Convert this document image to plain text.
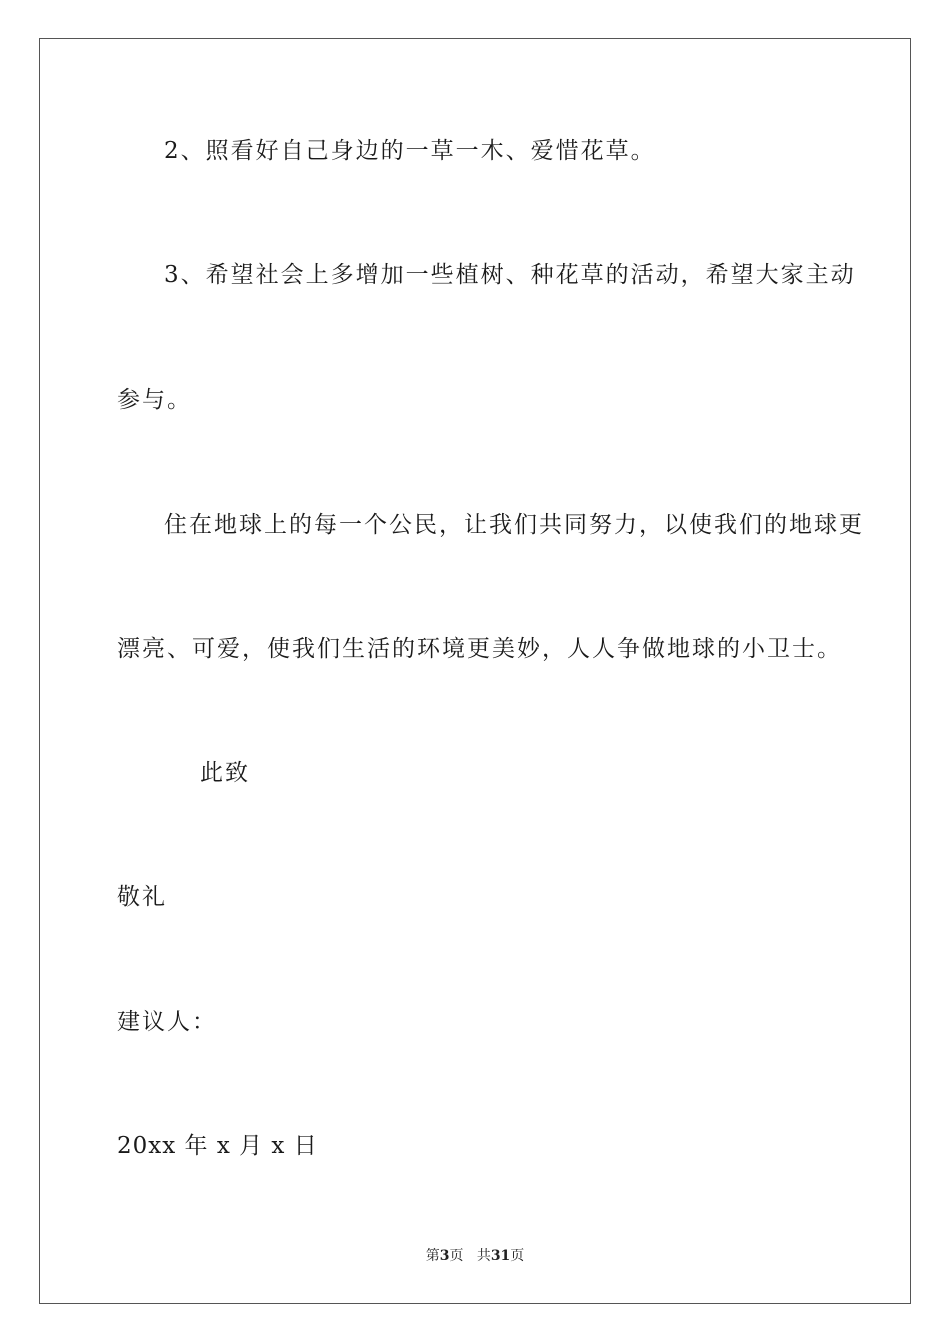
2、照看好自己身边的一草一木、爱惜花草。
3、希望社会上多增加一些植树、种花草的活动，希望大家主动
参与。
住在地球上的每一个公民，让我们共同努力，以使我们的地球更
漂亮、可爱，使我们生活的环境更美妙，人人争做地球的小卫士。
此致
敬礼
建议人：
20xx 年 x 月 x 日
第3页 共31页
